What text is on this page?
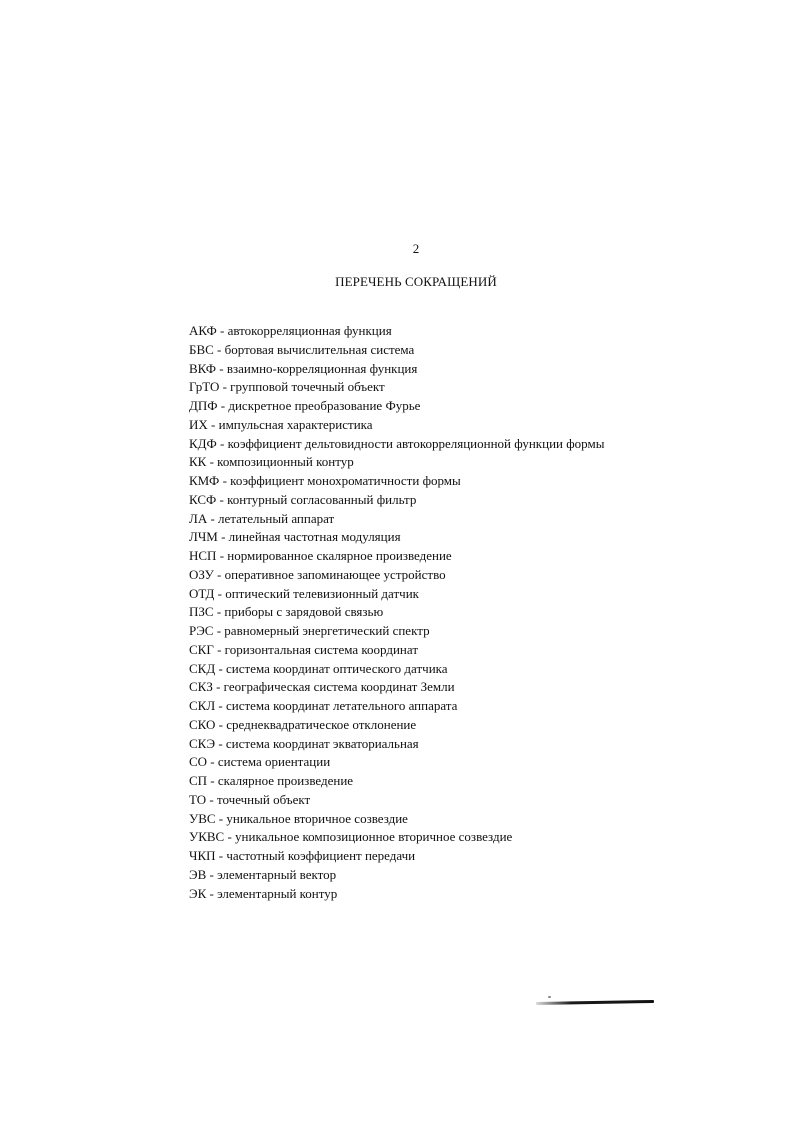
2
ПЕРЕЧЕНЬ СОКРАЩЕНИЙ
АКФ - автокорреляционная функция
БВС - бортовая вычислительная система
ВКФ - взаимно-корреляционная функция
ГрТО - групповой точечный объект
ДПФ - дискретное преобразование Фурье
ИХ - импульсная характеристика
КДФ - коэффициент дельтовидности автокорреляционной функции формы
КК - композиционный контур
КМФ - коэффициент монохроматичности формы
КСФ - контурный согласованный фильтр
ЛА - летательный аппарат
ЛЧМ - линейная частотная модуляция
НСП - нормированное скалярное произведение
ОЗУ - оперативное запоминающее устройство
ОТД - оптический телевизионный датчик
ПЗС - приборы с зарядовой связью
РЭС - равномерный энергетический спектр
СКГ - горизонтальная система координат
СКД - система координат оптического датчика
СКЗ - географическая система координат Земли
СКЛ - система координат летательного аппарата
СКО - среднеквадратическое отклонение
СКЭ - система координат экваториальная
СО - система ориентации
СП - скалярное произведение
ТО - точечный объект
УВС - уникальное вторичное созвездие
УКВС - уникальное композиционное вторичное созвездие
ЧКП - частотный коэффициент передачи
ЭВ - элементарный вектор
ЭК - элементарный контур
